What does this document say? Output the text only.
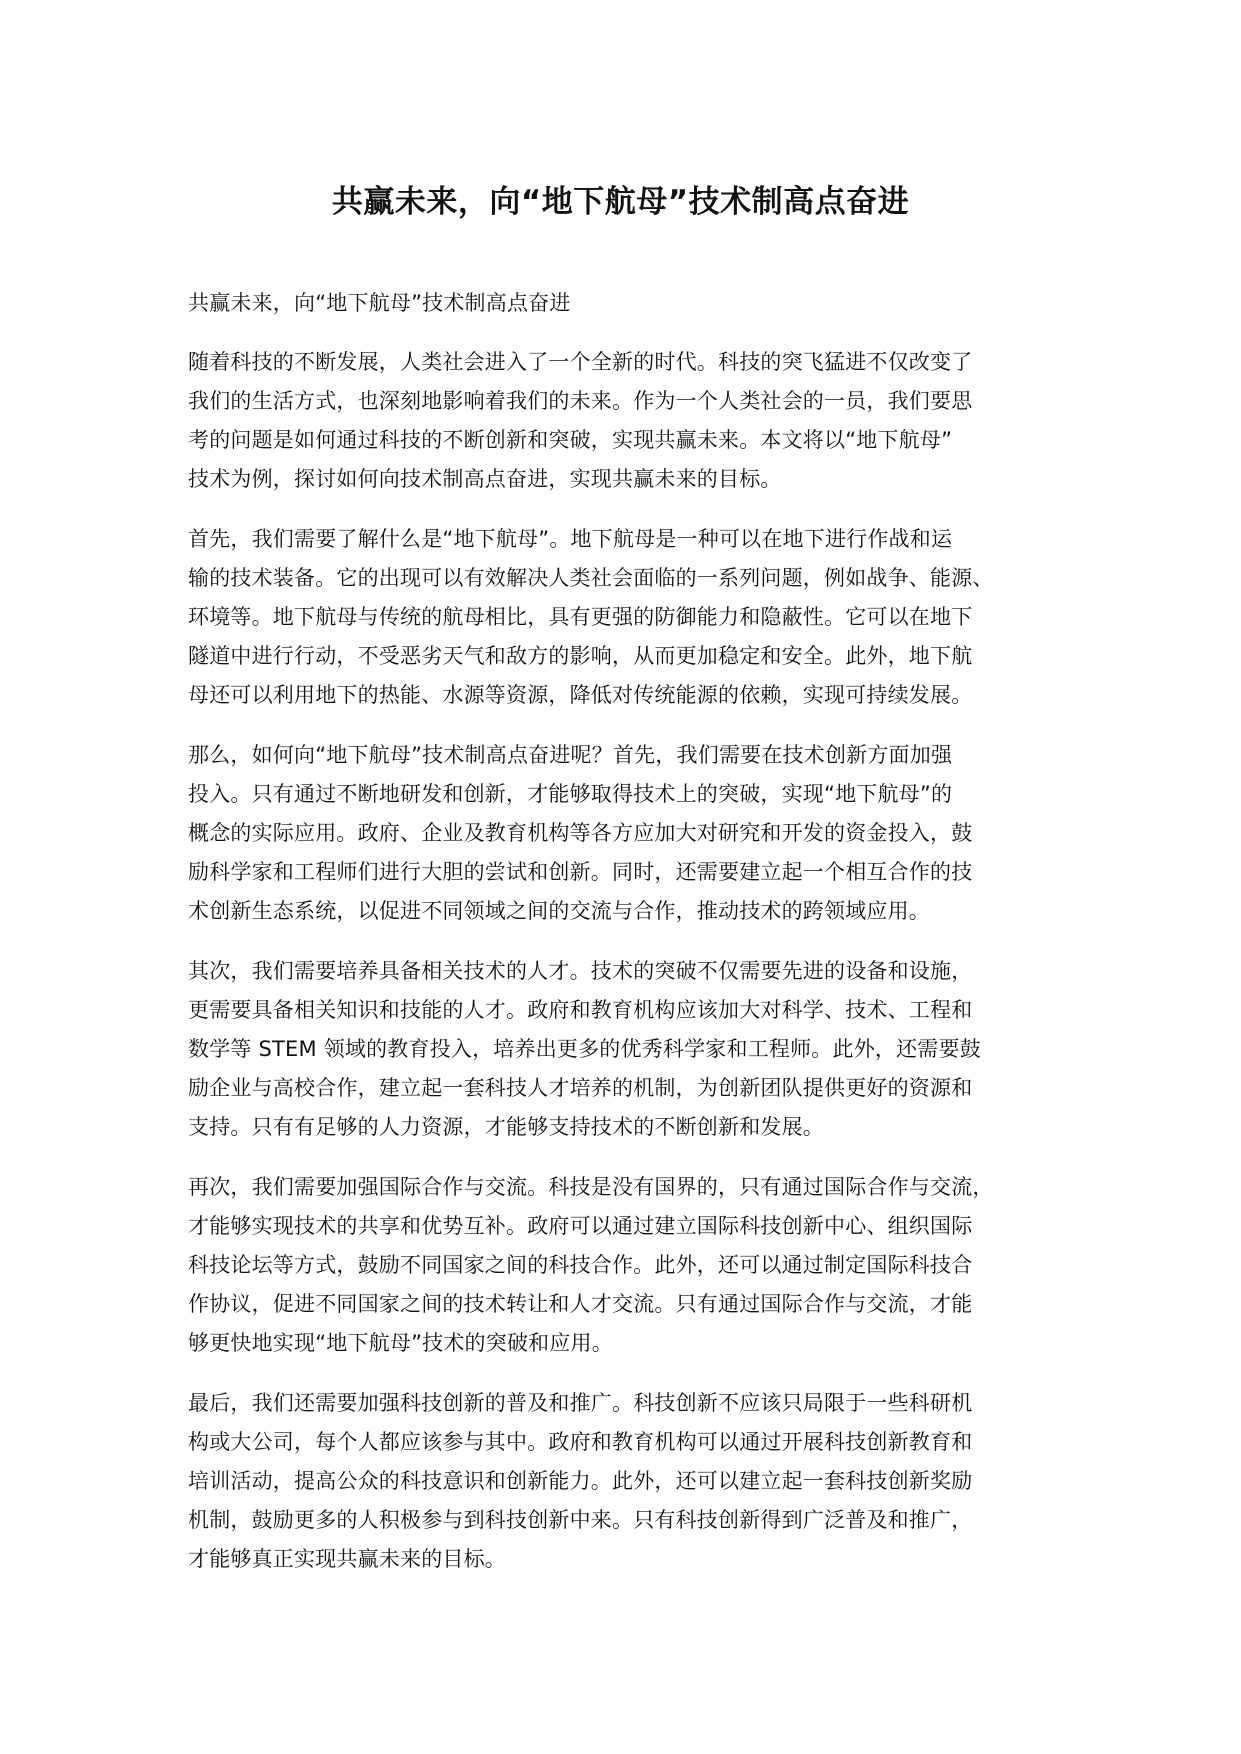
共赢未来，向“地下航母”技术制高点奋进

共赢未来，向“地下航母”技术制高点奋进

随着科技的不断发展，人类社会进入了一个全新的时代。科技的突飞猛进不仅改变了
我们的生活方式，也深刻地影响着我们的未来。作为一个人类社会的一员，我们要思
考的问题是如何通过科技的不断创新和突破，实现共赢未来。本文将以“地下航母”
技术为例，探讨如何向技术制高点奋进，实现共赢未来的目标。

首先，我们需要了解什么是“地下航母”。地下航母是一种可以在地下进行作战和运
输的技术装备。它的出现可以有效解决人类社会面临的一系列问题，例如战争、能源、
环境等。地下航母与传统的航母相比，具有更强的防御能力和隐蔽性。它可以在地下
隧道中进行行动，不受恶劣天气和敌方的影响，从而更加稳定和安全。此外，地下航
母还可以利用地下的热能、水源等资源，降低对传统能源的依赖，实现可持续发展。

那么，如何向“地下航母”技术制高点奋进呢？首先，我们需要在技术创新方面加强
投入。只有通过不断地研发和创新，才能够取得技术上的突破，实现“地下航母”的
概念的实际应用。政府、企业及教育机构等各方应加大对研究和开发的资金投入，鼓
励科学家和工程师们进行大胆的尝试和创新。同时，还需要建立起一个相互合作的技
术创新生态系统，以促进不同领域之间的交流与合作，推动技术的跨领域应用。

其次，我们需要培养具备相关技术的人才。技术的突破不仅需要先进的设备和设施，
更需要具备相关知识和技能的人才。政府和教育机构应该加大对科学、技术、工程和
数学等 STEM 领域的教育投入，培养出更多的优秀科学家和工程师。此外，还需要鼓
励企业与高校合作，建立起一套科技人才培养的机制，为创新团队提供更好的资源和
支持。只有有足够的人力资源，才能够支持技术的不断创新和发展。

再次，我们需要加强国际合作与交流。科技是没有国界的，只有通过国际合作与交流，
才能够实现技术的共享和优势互补。政府可以通过建立国际科技创新中心、组织国际
科技论坛等方式，鼓励不同国家之间的科技合作。此外，还可以通过制定国际科技合
作协议，促进不同国家之间的技术转让和人才交流。只有通过国际合作与交流，才能
够更快地实现“地下航母”技术的突破和应用。

最后，我们还需要加强科技创新的普及和推广。科技创新不应该只局限于一些科研机
构或大公司，每个人都应该参与其中。政府和教育机构可以通过开展科技创新教育和
培训活动，提高公众的科技意识和创新能力。此外，还可以建立起一套科技创新奖励
机制，鼓励更多的人积极参与到科技创新中来。只有科技创新得到广泛普及和推广，
才能够真正实现共赢未来的目标。
